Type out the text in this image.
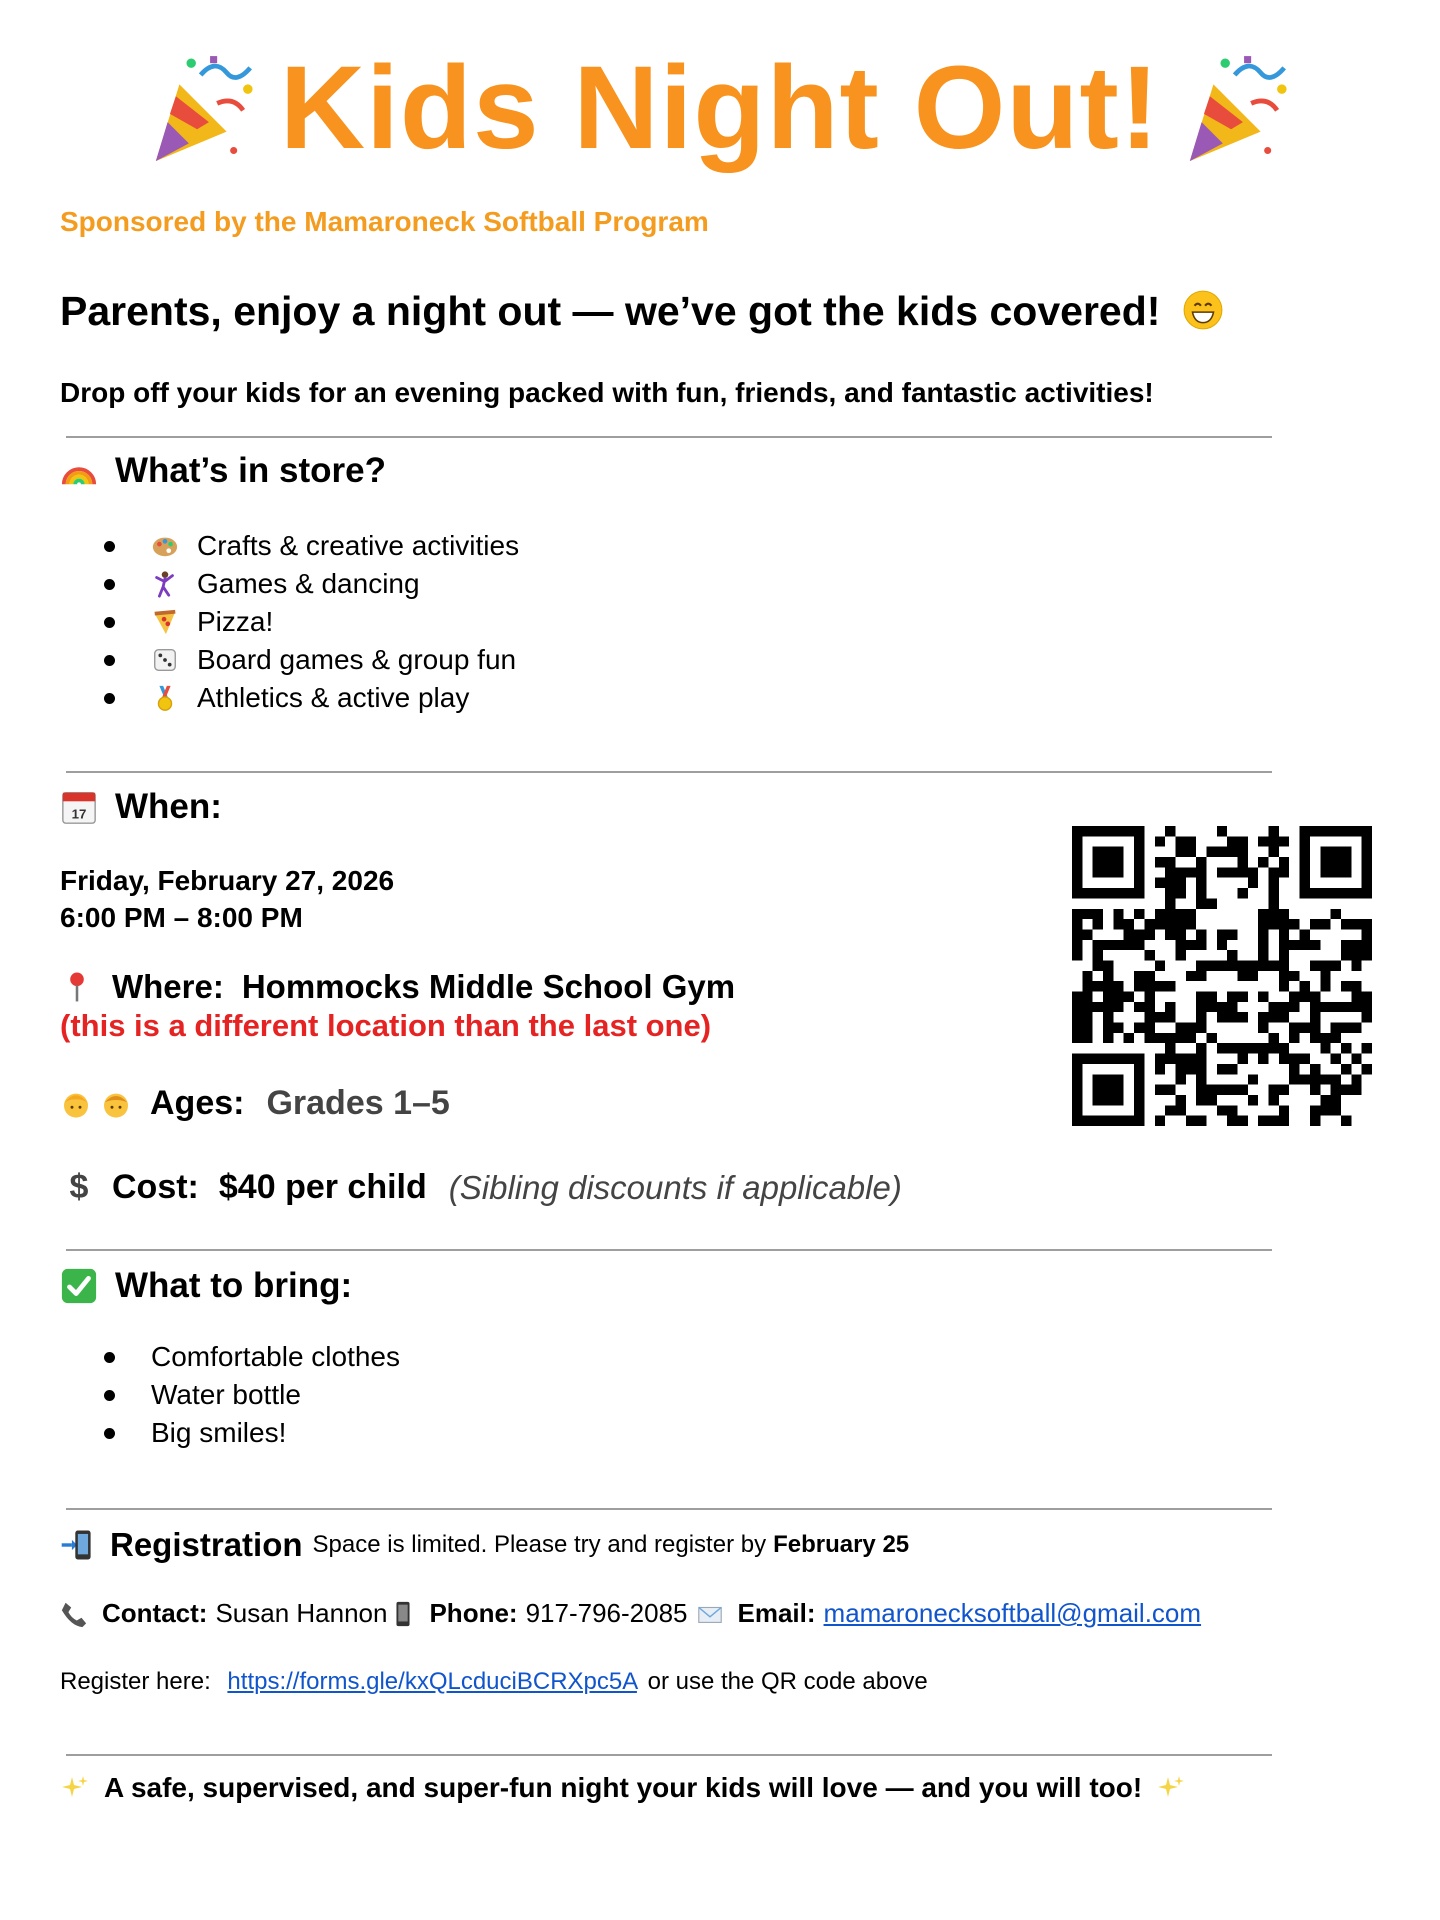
Kids Night Out!
Sponsored by the Mamaroneck Softball Program
Parents, enjoy a night out — we’ve got the kids covered!
Drop off your kids for an evening packed with fun, friends, and fantastic activities!
What’s in store?
Crafts & creative activities
Games & dancing
Pizza!
Board games & group fun
Athletics & active play
17 When:
Friday, February 27, 2026
6:00 PM – 8:00 PM
Where: Hommocks Middle School Gym
(this is a different location than the last one)
Ages: Grades 1–5
$ Cost: $40 per child (Sibling discounts if applicable)
What to bring:
Comfortable clothes
Water bottle
Big smiles!
Registration Space is limited. Please try and register by February 25
Contact: Susan Hannon Phone: 917-796-2085 Email: mamaronecksoftball@gmail.com
Register here: https://forms.gle/kxQLcduciBCRXpc5A or use the QR code above
A safe, supervised, and super-fun night your kids will love — and you will too!
